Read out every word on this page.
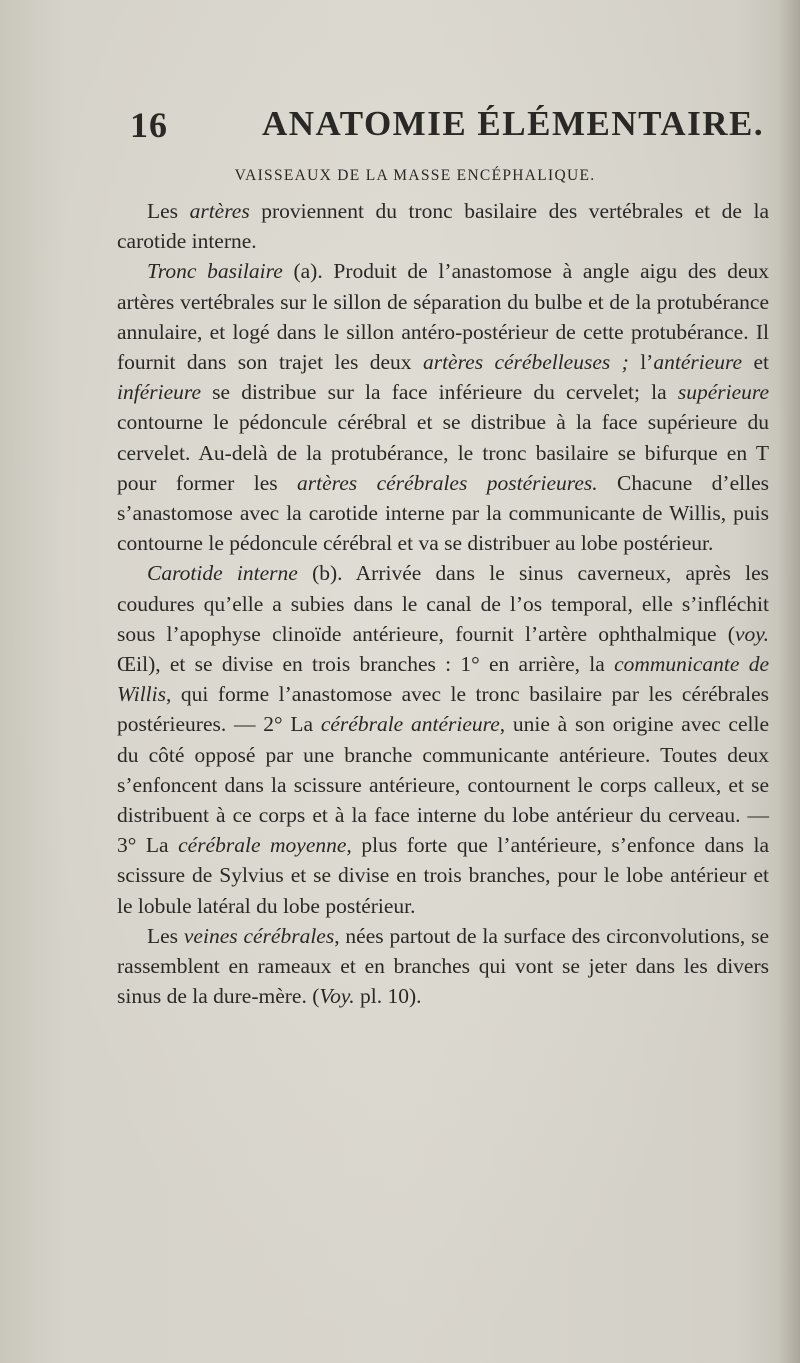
16	ANATOMIE ÉLÉMENTAIRE.
VAISSEAUX DE LA MASSE ENCÉPHALIQUE.

Les artères proviennent du tronc basilaire des vertébrales et de la carotide interne.

Tronc basilaire (a). Produit de l’anastomose à angle aigu des deux artères vertébrales sur le sillon de séparation du bulbe et de la protubérance annulaire, et logé dans le sillon antéro-postérieur de cette protubérance. Il fournit dans son trajet les deux artères cérébelleuses ; l’antérieure et inférieure se distribue sur la face inférieure du cervelet; la supérieure contourne le pédoncule cérébral et se distribue à la face supérieure du cervelet. Au-delà de la protubérance, le tronc basilaire se bifurque en T pour former les artères cérébrales postérieures. Chacune d’elles s’anastomose avec la carotide interne par la communicante de Willis, puis contourne le pédoncule cérébral et va se distribuer au lobe postérieur.

Carotide interne (b). Arrivée dans le sinus caverneux, après les coudures qu’elle a subies dans le canal de l’os temporal, elle s’infléchit sous l’apophyse clinoïde antérieure, fournit l’artère ophthalmique (voy. Œil), et se divise en trois branches : 1° en arrière, la communicante de Willis, qui forme l’anastomose avec le tronc basilaire par les cérébrales postérieures. — 2° La cérébrale antérieure, unie à son origine avec celle du côté opposé par une branche communicante antérieure. Toutes deux s’enfoncent dans la scissure antérieure, contournent le corps calleux, et se distribuent à ce corps et à la face interne du lobe antérieur du cerveau. — 3° La cérébrale moyenne, plus forte que l’antérieure, s’enfonce dans la scissure de Sylvius et se divise en trois branches, pour le lobe antérieur et le lobule latéral du lobe postérieur.

Les veines cérébrales, nées partout de la surface des circonvolutions, se rassemblent en rameaux et en branches qui vont se jeter dans les divers sinus de la dure-mère. (Voy. pl. 10).
